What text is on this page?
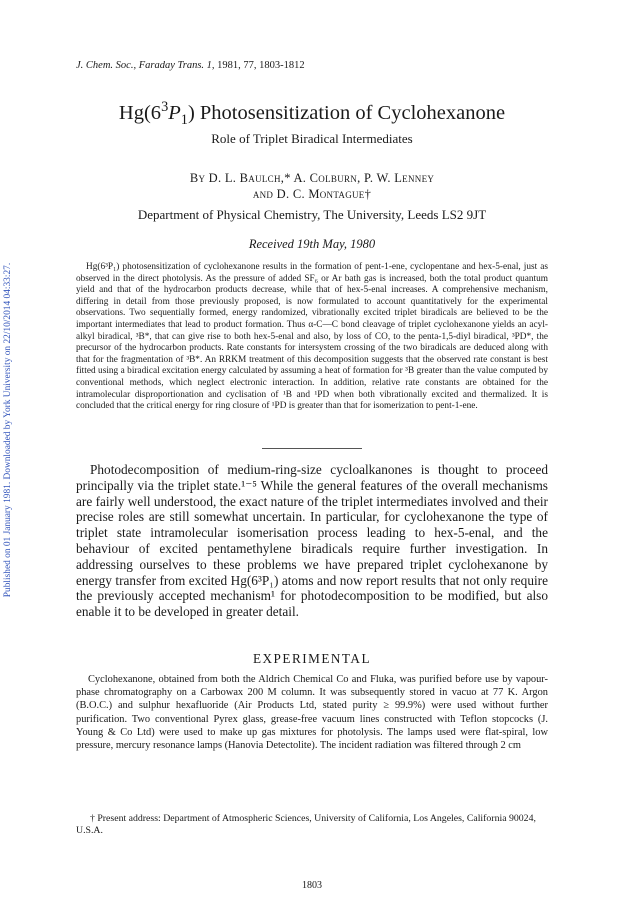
Published on 01 January 1981. Downloaded by York University on 22/10/2014 04:33:27.
J. Chem. Soc., Faraday Trans. 1, 1981, 77, 1803-1812
$Hg(6^3P_1)$ Photosensitization of Cyclohexanone
Role of Triplet Biradical Intermediates
By D. L. Baulch,* A. Colburn, P. W. Lenney
and D. C. Montague†
Department of Physical Chemistry, The University, Leeds LS2 9JT
Received 19th May, 1980
Hg(6³P₁) photosensitization of cyclohexanone results in the formation of pent-1-ene, cyclopentane and hex-5-enal, just as observed in the direct photolysis. As the pressure of added SF₆ or Ar bath gas is increased, both the total product quantum yield and that of the hydrocarbon products decrease, while that of hex-5-enal increases. A comprehensive mechanism, differing in detail from those previously proposed, is now formulated to account quantitatively for the experimental observations. Two sequentially formed, energy randomized, vibrationally excited triplet biradicals are believed to be the important intermediates that lead to product formation. Thus α-C—C bond cleavage of triplet cyclohexanone yields an acyl-alkyl biradical, ³B*, that can give rise to both hex-5-enal and also, by loss of CO, to the penta-1,5-diyl biradical, ³PD*, the precursor of the hydrocarbon products. Rate constants for intersystem crossing of the two biradicals are deduced along with that for the fragmentation of ³B*. An RRKM treatment of this decomposition suggests that the observed rate constant is best fitted using a biradical excitation energy calculated by assuming a heat of formation for ³B greater than the value computed by conventional methods, which neglect electronic interaction. In addition, relative rate constants are obtained for the intramolecular disproportionation and cyclisation of ¹B and ¹PD when both vibrationally excited and thermalized. It is concluded that the critical energy for ring closure of ¹PD is greater than that for isomerization to pent-1-ene.
Photodecomposition of medium-ring-size cycloalkanones is thought to proceed principally via the triplet state.¹⁻⁵ While the general features of the overall mechanisms are fairly well understood, the exact nature of the triplet intermediates involved and their precise roles are still somewhat uncertain. In particular, for cyclohexanone the type of triplet state intramolecular isomerisation process leading to hex-5-enal, and the behaviour of excited pentamethylene biradicals require further investigation. In addressing ourselves to these problems we have prepared triplet cyclohexanone by energy transfer from excited Hg(6³P₁) atoms and now report results that not only require the previously accepted mechanism¹ for photodecomposition to be modified, but also enable it to be developed in greater detail.
EXPERIMENTAL
Cyclohexanone, obtained from both the Aldrich Chemical Co and Fluka, was purified before use by vapour-phase chromatography on a Carbowax 200 M column. It was subsequently stored in vacuo at 77 K. Argon (B.O.C.) and sulphur hexafluoride (Air Products Ltd, stated purity ≥ 99.9%) were used without further purification. Two conventional Pyrex glass, grease-free vacuum lines constructed with Teflon stopcocks (J. Young & Co Ltd) were used to make up gas mixtures for photolysis. The lamps used were flat-spiral, low pressure, mercury resonance lamps (Hanovia Detectolite). The incident radiation was filtered through 2 cm
† Present address: Department of Atmospheric Sciences, University of California, Los Angeles, California 90024, U.S.A.
1803
